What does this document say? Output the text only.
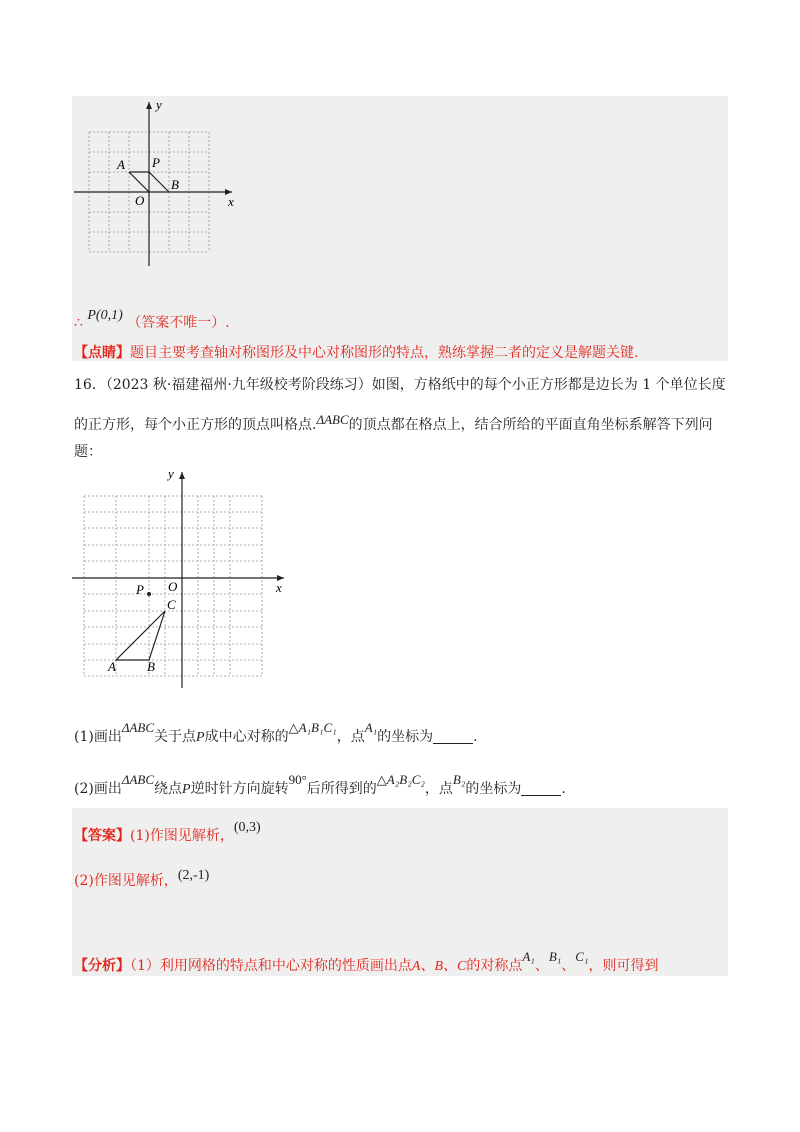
y
x
O
A P
B
∴ P(0,1) （答案不唯一）.
【点睛】题目主要考查轴对称图形及中心对称图形的特点，熟练掌握二者的定义是解题关键.
16．（2023 秋·福建福州·九年级校考阶段练习）如图，方格纸中的每个小正方形都是边长为 1 个单位长度
的正方形，每个小正方形的顶点叫格点.ΔABC的顶点都在格点上，结合所给的平面直角坐标系解答下列问
题：
y
x
O
P
C
A B
(1)画出ΔABC关于点P成中心对称的△A₁B₁C₁，点A₁的坐标为	.
(2)画出ΔABC绕点P逆时针方向旋转90°后所得到的△A₂B₂C₂，点B₂的坐标为	.
【答案】(1)作图见解析，(0,3)
(2)作图见解析，(2,-1)
【分析】（1）利用网格的特点和中心对称的性质画出点A、B、C的对称点A₁、B₁、C₁，则可得到
